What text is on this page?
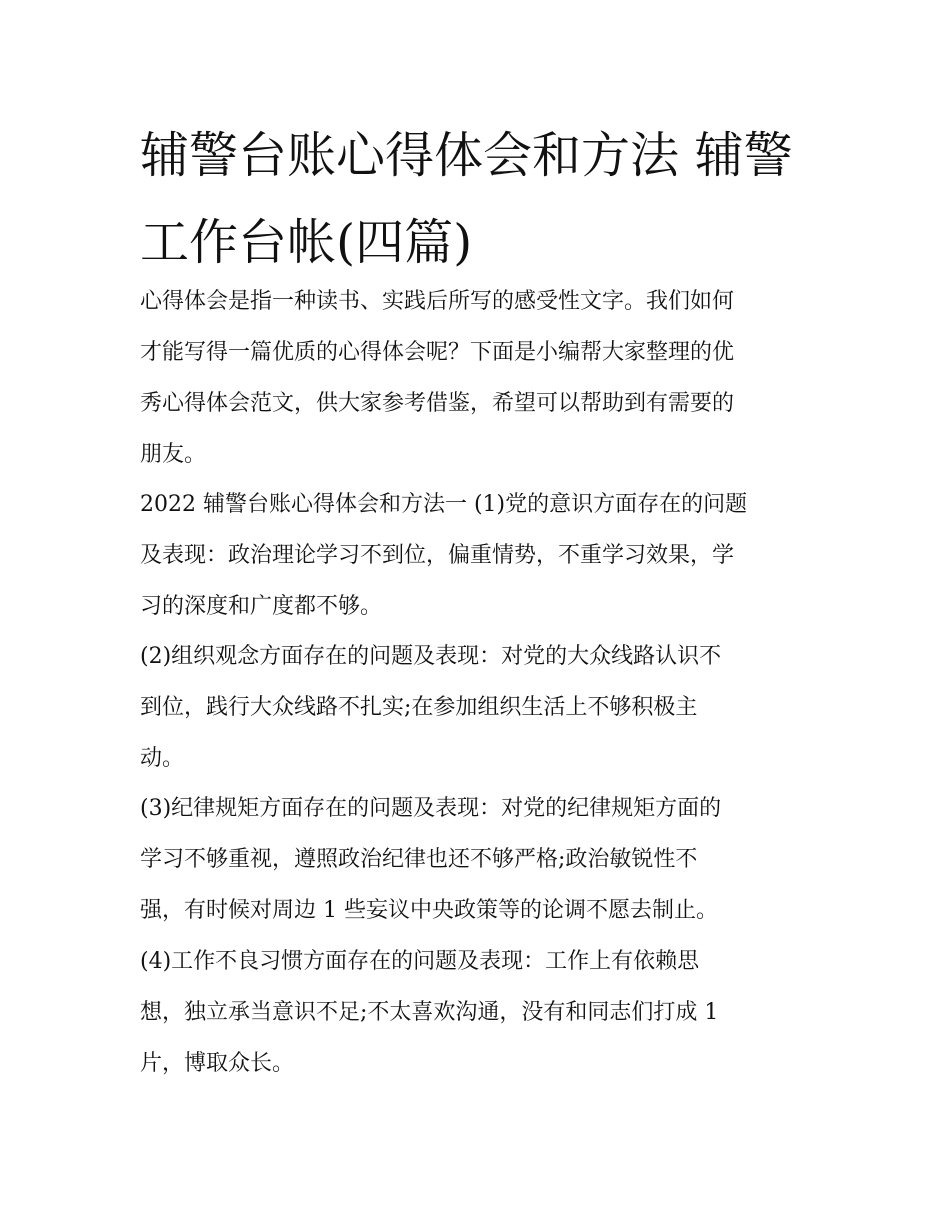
辅警台账心得体会和方法 辅警
工作台帐(四篇)

心得体会是指一种读书、实践后所写的感受性文字。我们如何
才能写得一篇优质的心得体会呢？下面是小编帮大家整理的优
秀心得体会范文，供大家参考借鉴，希望可以帮助到有需要的
朋友。

2022 辅警台账心得体会和方法一 (1)党的意识方面存在的问题
及表现：政治理论学习不到位，偏重情势，不重学习效果，学
习的深度和广度都不够。

(2)组织观念方面存在的问题及表现：对党的大众线路认识不
到位，践行大众线路不扎实;在参加组织生活上不够积极主
动。

(3)纪律规矩方面存在的问题及表现：对党的纪律规矩方面的
学习不够重视，遵照政治纪律也还不够严格;政治敏锐性不
强，有时候对周边 1 些妄议中央政策等的论调不愿去制止。

(4)工作不良习惯方面存在的问题及表现：工作上有依赖思
想，独立承当意识不足;不太喜欢沟通，没有和同志们打成 1
片，博取众长。
